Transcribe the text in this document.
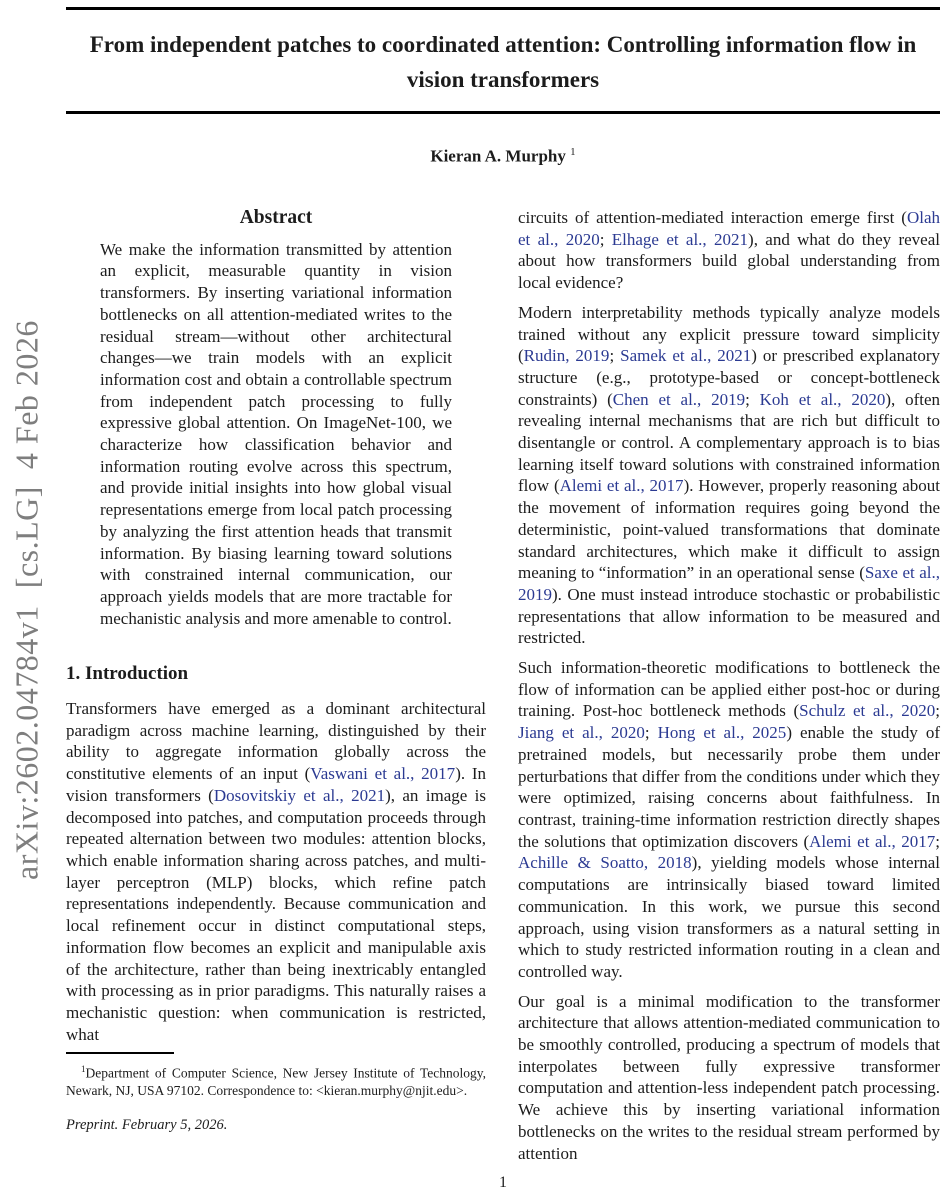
arXiv:2602.04784v1  [cs.LG]  4 Feb 2026
From independent patches to coordinated attention: Controlling information flow in vision transformers
Kieran A. Murphy $^1$
Abstract
We make the information transmitted by attention an explicit, measurable quantity in vision transformers. By inserting variational information bottlenecks on all attention-mediated writes to the residual stream—without other architectural changes—we train models with an explicit information cost and obtain a controllable spectrum from independent patch processing to fully expressive global attention. On ImageNet-100, we characterize how classification behavior and information routing evolve across this spectrum, and provide initial insights into how global visual representations emerge from local patch processing by analyzing the first attention heads that transmit information. By biasing learning toward solutions with constrained internal communication, our approach yields models that are more tractable for mechanistic analysis and more amenable to control.
1. Introduction
Transformers have emerged as a dominant architectural paradigm across machine learning, distinguished by their ability to aggregate information globally across the constitutive elements of an input (Vaswani et al., 2017). In vision transformers (Dosovitskiy et al., 2021), an image is decomposed into patches, and computation proceeds through repeated alternation between two modules: attention blocks, which enable information sharing across patches, and multi-layer perceptron (MLP) blocks, which refine patch representations independently. Because communication and local refinement occur in distinct computational steps, information flow becomes an explicit and manipulable axis of the architecture, rather than being inextricably entangled with processing as in prior paradigms. This naturally raises a mechanistic question: when communication is restricted, what
circuits of attention-mediated interaction emerge first (Olah et al., 2020; Elhage et al., 2021), and what do they reveal about how transformers build global understanding from local evidence?
Modern interpretability methods typically analyze models trained without any explicit pressure toward simplicity (Rudin, 2019; Samek et al., 2021) or prescribed explanatory structure (e.g., prototype-based or concept-bottleneck constraints) (Chen et al., 2019; Koh et al., 2020), often revealing internal mechanisms that are rich but difficult to disentangle or control. A complementary approach is to bias learning itself toward solutions with constrained information flow (Alemi et al., 2017). However, properly reasoning about the movement of information requires going beyond the deterministic, point-valued transformations that dominate standard architectures, which make it difficult to assign meaning to “information” in an operational sense (Saxe et al., 2019). One must instead introduce stochastic or probabilistic representations that allow information to be measured and restricted.
Such information-theoretic modifications to bottleneck the flow of information can be applied either post-hoc or during training. Post-hoc bottleneck methods (Schulz et al., 2020; Jiang et al., 2020; Hong et al., 2025) enable the study of pretrained models, but necessarily probe them under perturbations that differ from the conditions under which they were optimized, raising concerns about faithfulness. In contrast, training-time information restriction directly shapes the solutions that optimization discovers (Alemi et al., 2017; Achille & Soatto, 2018), yielding models whose internal computations are intrinsically biased toward limited communication. In this work, we pursue this second approach, using vision transformers as a natural setting in which to study restricted information routing in a clean and controlled way.
Our goal is a minimal modification to the transformer architecture that allows attention-mediated communication to be smoothly controlled, producing a spectrum of models that interpolates between fully expressive transformer computation and attention-less independent patch processing. We achieve this by inserting variational information bottlenecks on the writes to the residual stream performed by attention
$^1$Department of Computer Science, New Jersey Institute of Technology, Newark, NJ, USA 97102. Correspondence to: <kieran.murphy@njit.edu>.
Preprint. February 5, 2026.
1
